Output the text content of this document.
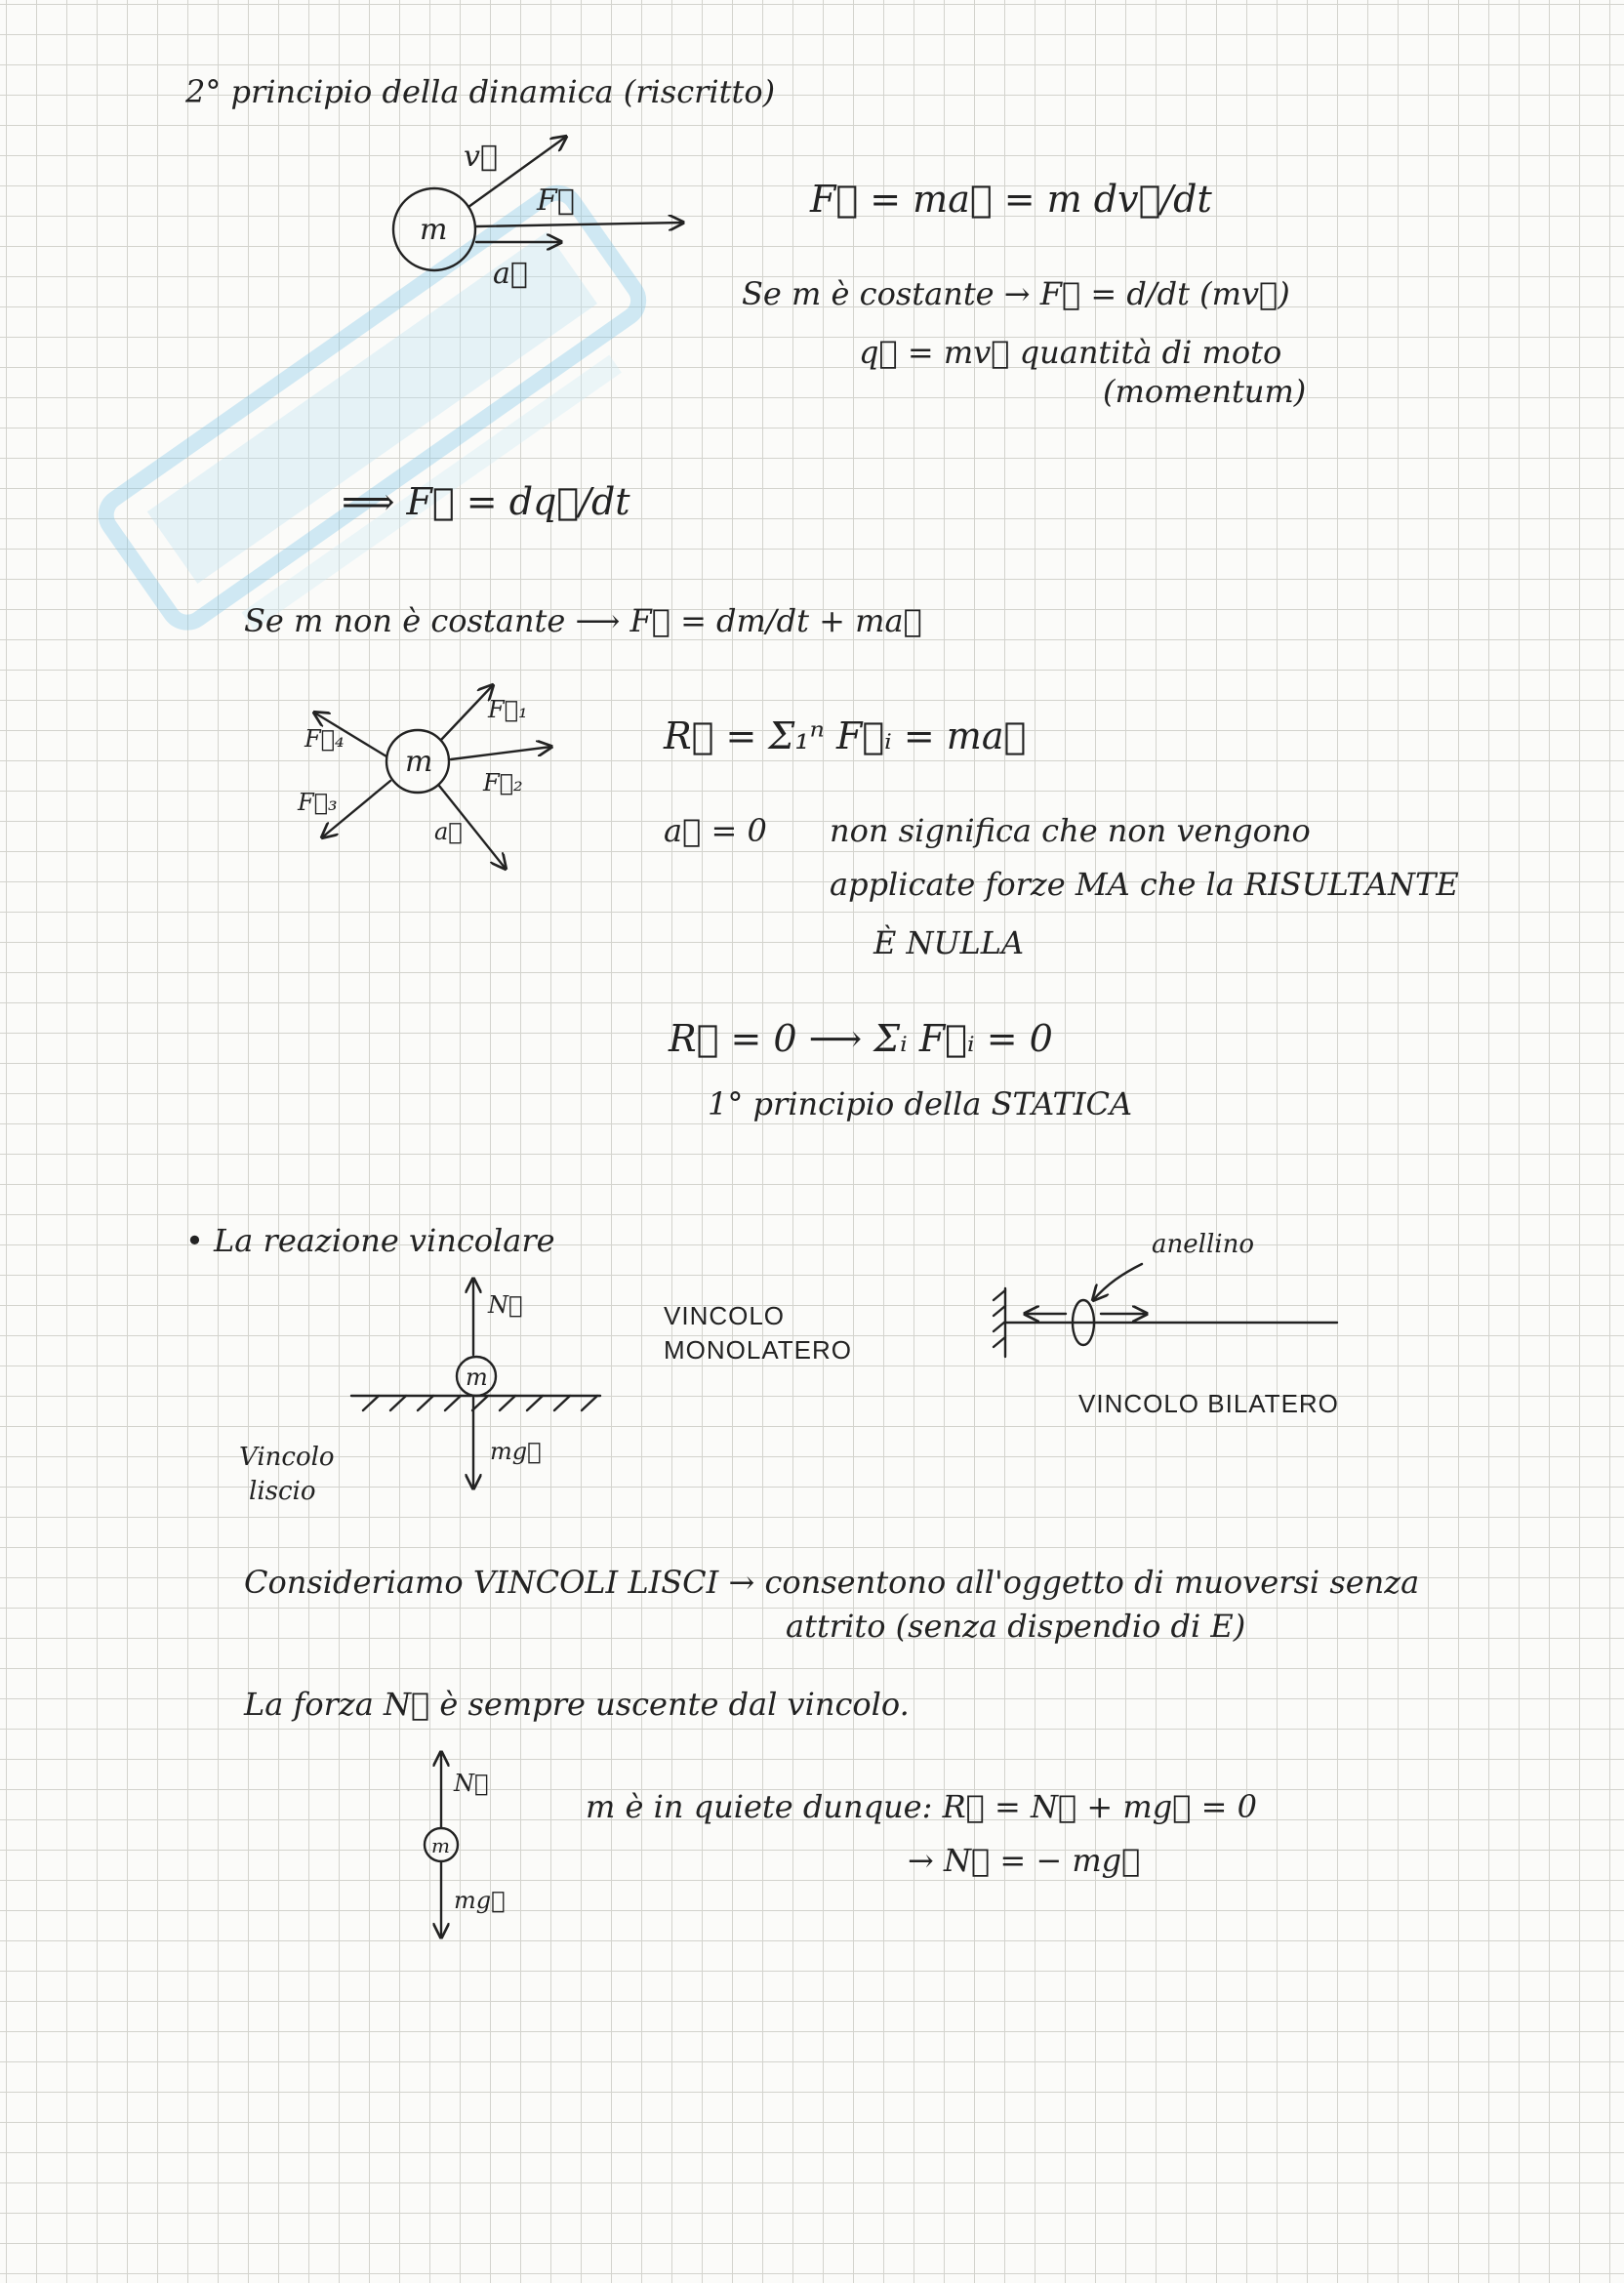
2° principio della dinamica (riscritto)
m
v⃗
F⃗
a⃗
F⃗ = ma⃗ = m dv⃗/dt
Se m è costante → F⃗ = d/dt (mv⃗)
q⃗ = mv⃗ quantità di moto
(momentum)
⟹ F⃗ = dq⃗/dt
Se m non è costante ⟶ F⃗ = dm/dt + ma⃗
m
F⃗₁
F⃗₂
F⃗₃
F⃗₄
a⃗
R⃗ = Σ₁ⁿ F⃗ᵢ = ma⃗
a⃗ = 0 non significa che non vengono
applicate forze MA che la RISULTANTE
È NULLA
R⃗ = 0 ⟶ Σᵢ F⃗ᵢ = 0
1° principio della STATICA
• La reazione vincolare
m
N⃗
mg⃗
VINCOLO
MONOLATERO
Vincolo
liscio
anellino
VINCOLO BILATERO
Consideriamo VINCOLI LISCI → consentono all'oggetto di muoversi senza
attrito (senza dispendio di E)
La forza N⃗ è sempre uscente dal vincolo.
m
N⃗
mg⃗
m è in quiete dunque: R⃗ = N⃗ + mg⃗ = 0
→ N⃗ = − mg⃗
